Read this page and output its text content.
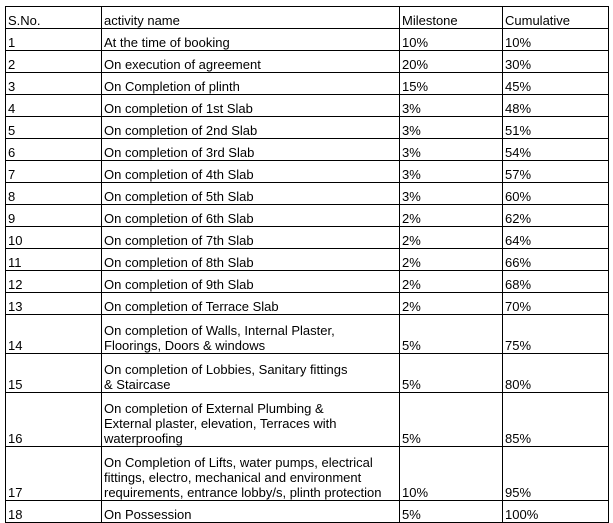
S.No.	activity name	Milestone	Cumulative
1	At the time of booking	10%	10%
2	On execution of agreement	20%	30%
3	On Completion of plinth	15%	45%
4	On completion of 1st Slab	3%	48%
5	On completion of 2nd Slab	3%	51%
6	On completion of 3rd Slab	3%	54%
7	On completion of 4th Slab	3%	57%
8	On completion of 5th Slab	3%	60%
9	On completion of 6th Slab	2%	62%
10	On completion of 7th Slab	2%	64%
11	On completion of 8th Slab	2%	66%
12	On completion of 9th Slab	2%	68%
13	On completion of Terrace Slab	2%	70%
14	On completion of Walls, Internal Plaster,
Floorings, Doors & windows	5%	75%
15	On completion of Lobbies, Sanitary fittings
& Staircase	5%	80%
16	On completion of External Plumbing &
External plaster, elevation, Terraces with
waterproofing	5%	85%
17	On Completion of Lifts, water pumps, electrical
fittings, electro, mechanical and environment
requirements, entrance lobby/s, plinth protection	10%	95%
18	On Possession	5%	100%
